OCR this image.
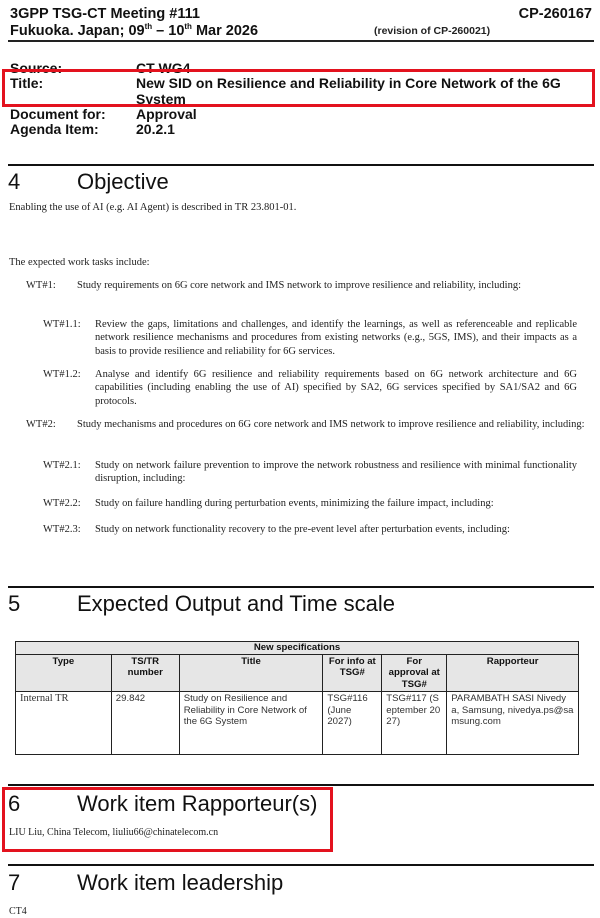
3GPP TSG-CT Meeting #111	CP-260167
Fukuoka. Japan; 09th – 10th Mar 2026	(revision of CP-260021)
Source:	CT WG4
Title:	New SID on Resilience and Reliability in Core Network of the 6G System
Document for: Approval
Agenda Item:	20.2.1
4	Objective
Enabling the use of AI (e.g. AI Agent) is described in TR 23.801-01.
The expected work tasks include:
WT#1: Study requirements on 6G core network and IMS network to improve resilience and reliability, including:
WT#1.1: Review the gaps, limitations and challenges, and identify the learnings, as well as referenceable and replicable network resilience mechanisms and procedures from existing networks (e.g., 5GS, IMS), and their impacts as a basis to provide resilience and reliability for 6G services.
WT#1.2: Analyse and identify 6G resilience and reliability requirements based on 6G network architecture and 6G capabilities (including enabling the use of AI) specified by SA2, 6G services specified by SA1/SA2 and 6G protocols.
WT#2: Study mechanisms and procedures on 6G core network and IMS network to improve resilience and reliability, including:
WT#2.1: Study on network failure prevention to improve the network robustness and resilience with minimal functionality disruption, including:
WT#2.2: Study on failure handling during perturbation events, minimizing the failure impact, including:
WT#2.3: Study on network functionality recovery to the pre-event level after perturbation events, including:
5	Expected Output and Time scale
New specifications					
Type	TS/TR number	Title	For info at TSG#	For approval at TSG#	Rapporteur
Internal TR	29.842	Study on Resilience and Reliability in Core Network of the 6G System	TSG#116 (June 2027)	TSG#117 (September 2027)	PARAMBATH SASI Nivedya, Samsung, nivedya.ps@samsung.com
6	Work item Rapporteur(s)
LIU Liu, China Telecom, liuliu66@chinatelecom.cn
7	Work item leadership
CT4
